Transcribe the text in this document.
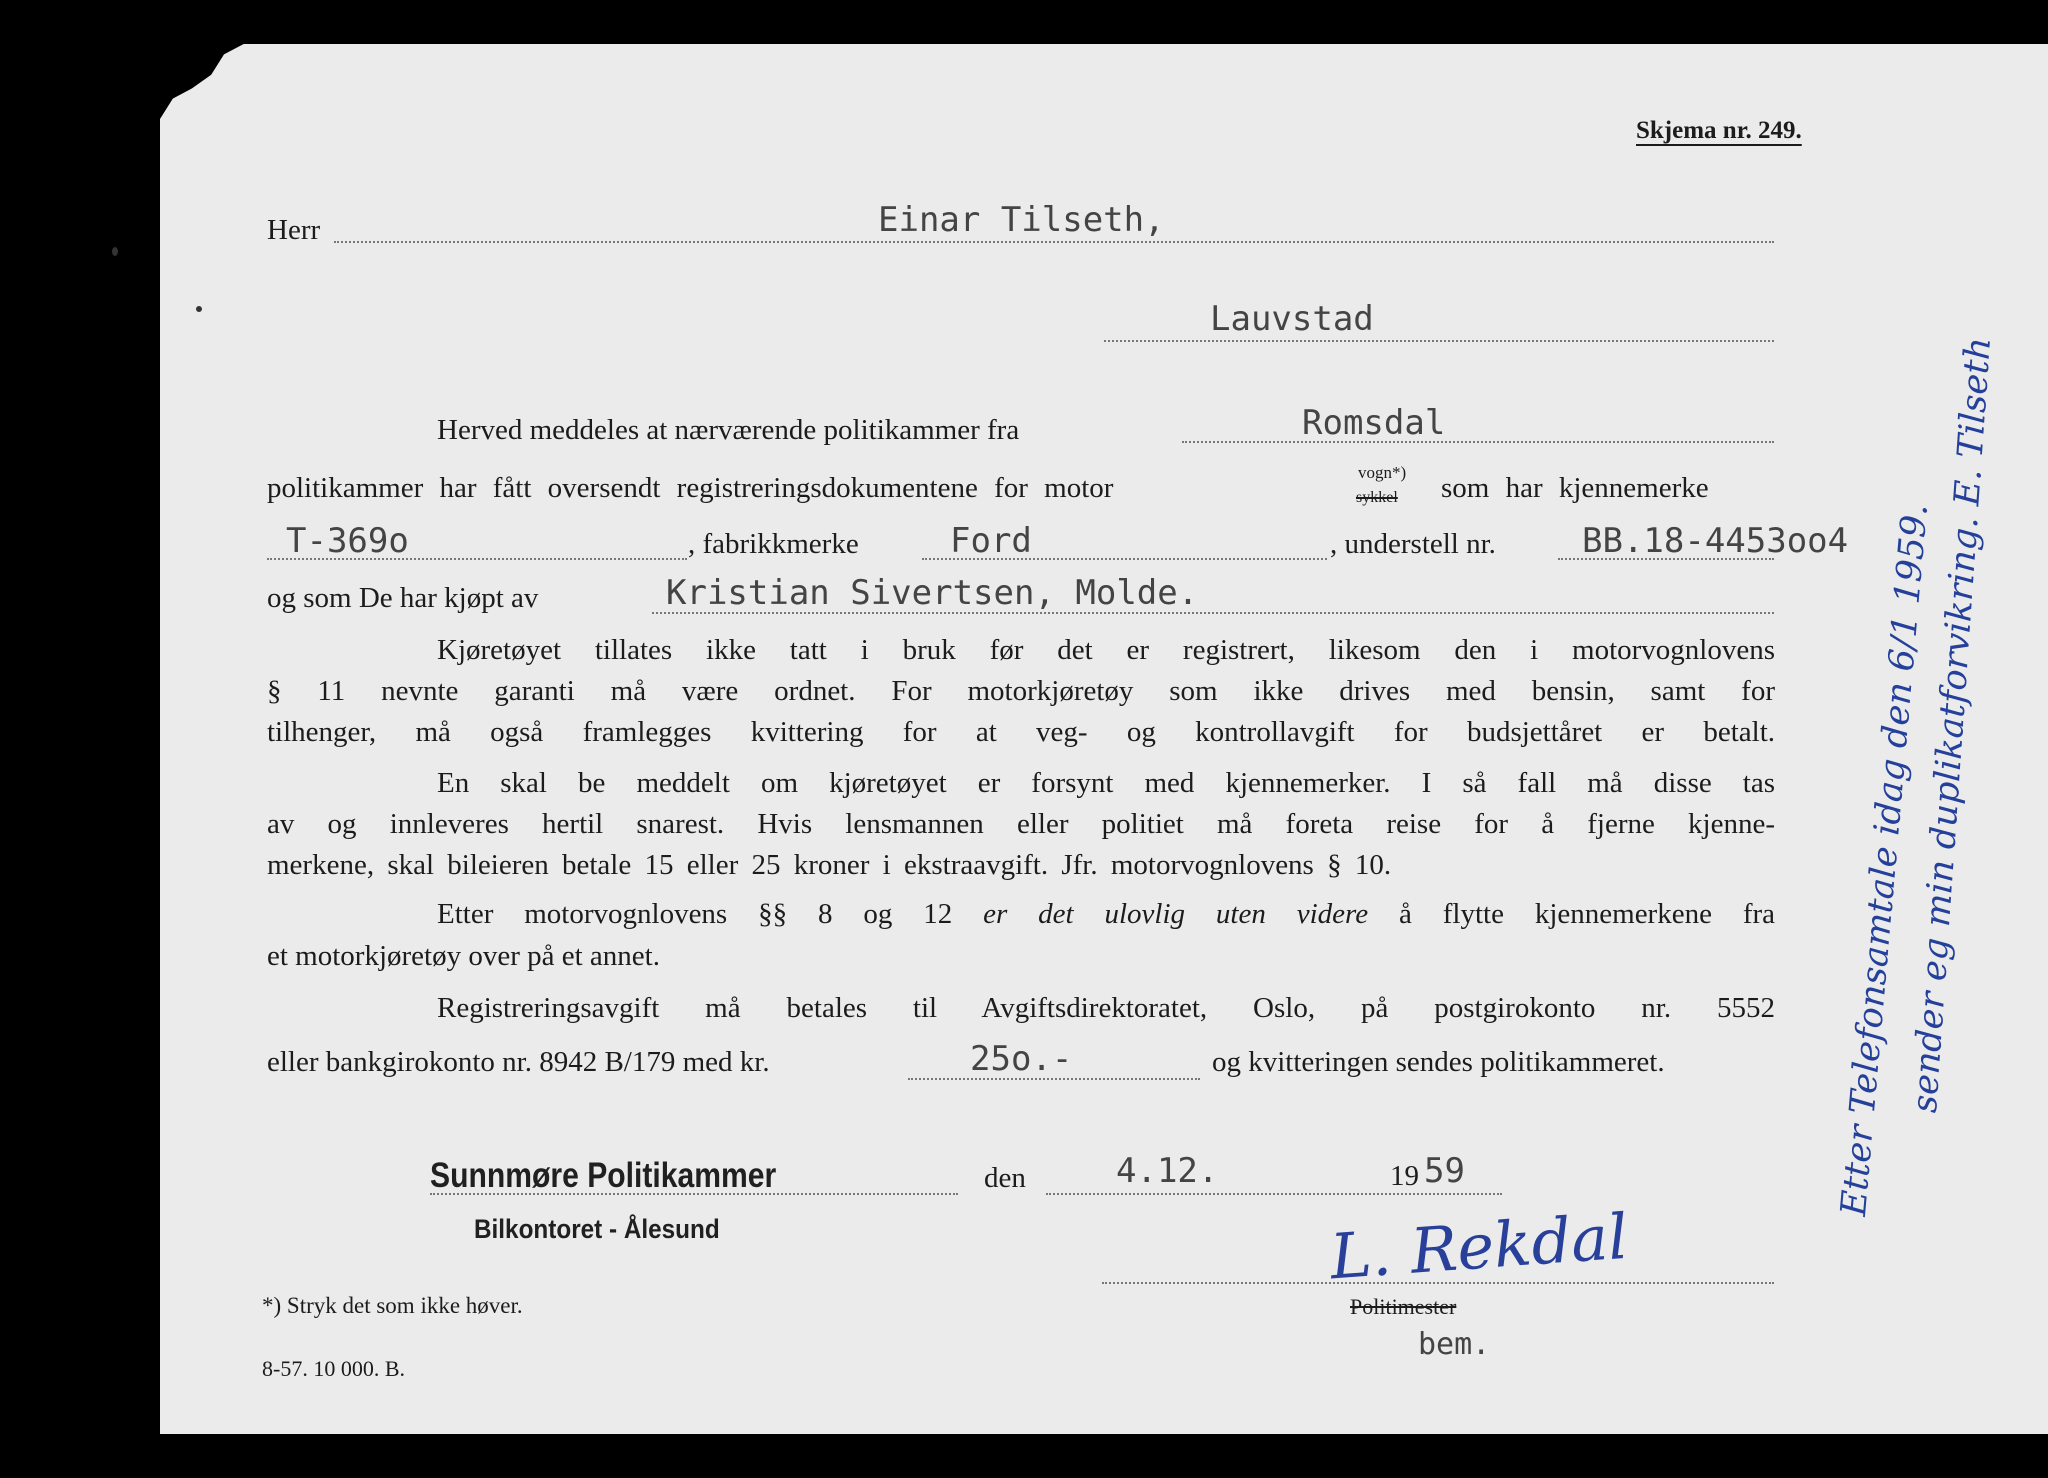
Skjema nr. 249.
Herr	Einar Tilseth,
Lauvstad
Herved meddeles at nærværende politikammer fra	Romsdal
politikammer har fått oversendt registreringsdokumentene for motor	vogn*)
sykkel som har kjennemerke
T-369o	, fabrikkmerke	Ford	, understell nr.	BB.18-4453oo4
og som De har kjøpt av	Kristian Sivertsen, Molde.
Kjøretøyet tillates ikke tatt i bruk før det er registrert, likesom den i motorvognlovens
§ 11 nevnte garanti må være ordnet. For motorkjøretøy som ikke drives med bensin, samt for
tilhenger, må også framlegges kvittering for at veg- og kontrollavgift for budsjettåret er betalt.
En skal be meddelt om kjøretøyet er forsynt med kjennemerker. I så fall må disse tas
av og innleveres hertil snarest. Hvis lensmannen eller politiet må foreta reise for å fjerne kjenne-
merkene, skal bileieren betale 15 eller 25 kroner i ekstraavgift. Jfr. motorvognlovens § 10.
Etter motorvognlovens §§ 8 og 12 er det ulovlig uten videre å flytte kjennemerkene fra
et motorkjøretøy over på et annet.
Registreringsavgift må betales til Avgiftsdirektoratet, Oslo, på postgirokonto nr. 5552
eller bankgirokonto nr. 8942 B/179 med kr.	25o.-	og kvitteringen sendes politikammeret.
Sunnmøre Politikammer
Bilkontoret - Ålesund
den	4.12.	19 59
L. Rekdal
Politimester
bem.
*) Stryk det som ikke høver.
8-57. 10 000. B.
Etter Telefonsamtale idag den 6/1 1959.
sender eg min duplikatforvikring. E. Tilseth
